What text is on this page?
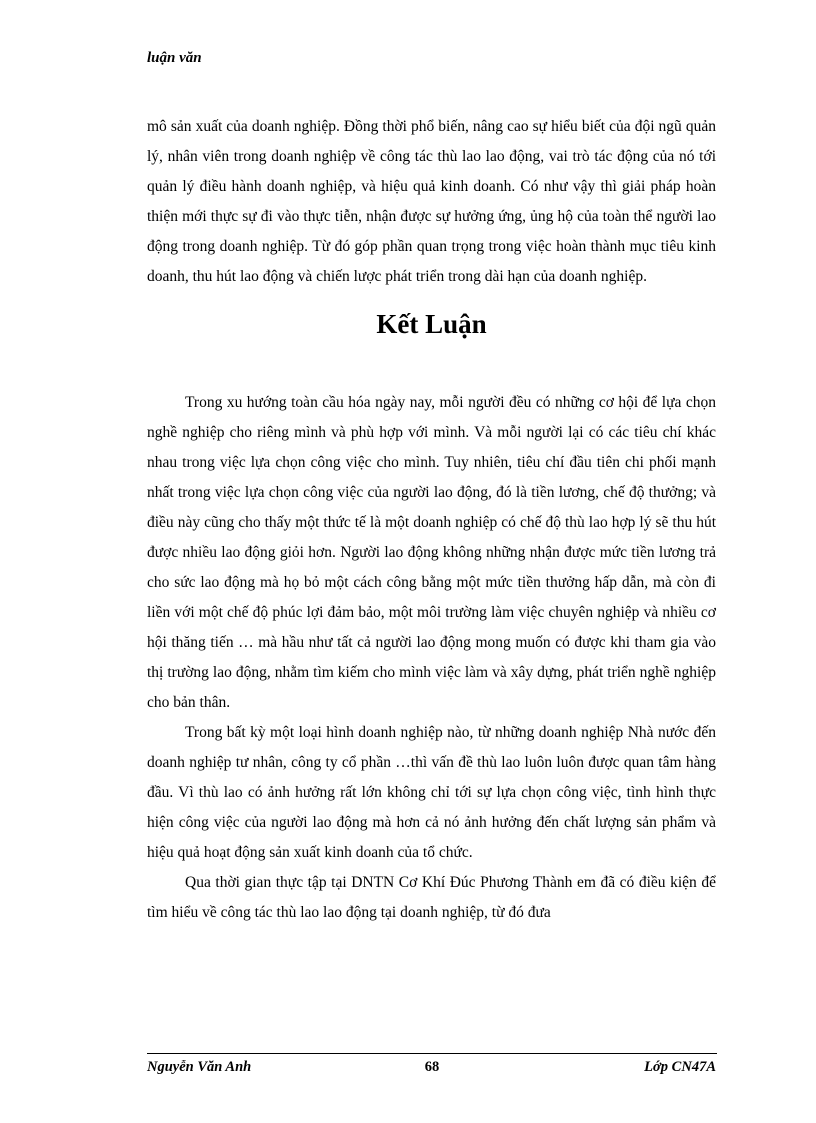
luận văn

mô sản xuất của doanh nghiệp. Đồng thời phổ biến, nâng cao sự hiểu biết của đội ngũ quản lý, nhân viên trong doanh nghiệp về công tác thù lao lao động, vai trò tác động của nó tới quản lý điều hành doanh nghiệp, và hiệu quả kinh doanh. Có như vậy thì giải pháp hoàn thiện mới thực sự đi vào thực tiễn, nhận được sự hưởng ứng, ủng hộ của toàn thể người lao động trong doanh nghiệp. Từ đó góp phần quan trọng trong việc hoàn thành mục tiêu kinh doanh, thu hút lao động và chiến lược phát triển trong dài hạn của doanh nghiệp.

Kết Luận

Trong xu hướng toàn cầu hóa ngày nay, mỗi người đều có những cơ hội để lựa chọn nghề nghiệp cho riêng mình và phù hợp với mình. Và mỗi người lại có các tiêu chí khác nhau trong việc lựa chọn công việc cho mình. Tuy nhiên, tiêu chí đầu tiên chi phối mạnh nhất trong việc lựa chọn công việc của người lao động, đó là tiền lương, chế độ thưởng; và điều này cũng cho thấy một thức tế là một doanh nghiệp có chế độ thù lao hợp lý sẽ thu hút được nhiều lao động giỏi hơn. Người lao động không những nhận được mức tiền lương trả cho sức lao động mà họ bỏ một cách công bằng một mức tiền thưởng hấp dẫn, mà còn đi liền với một chế độ phúc lợi đảm bảo, một môi trường làm việc chuyên nghiệp và nhiều cơ hội thăng tiến … mà hầu như tất cả người lao động mong muốn có được khi tham gia vào thị trường lao động, nhằm tìm kiếm cho mình việc làm và xây dựng, phát triển nghề nghiệp cho bản thân.

Trong bất kỳ một loại hình doanh nghiệp nào, từ những doanh nghiệp Nhà nước đến doanh nghiệp tư nhân, công ty cổ phần …thì vấn đề thù lao luôn luôn được quan tâm hàng đầu. Vì thù lao có ảnh hưởng rất lớn không chỉ tới sự lựa chọn công việc, tình hình thực hiện công việc của người lao động mà hơn cả nó ảnh hưởng đến chất lượng sản phẩm và hiệu quả hoạt động sản xuất kinh doanh của tổ chức.

Qua thời gian thực tập tại DNTN Cơ Khí Đúc Phương Thành em đã có điều kiện để tìm hiểu về công tác thù lao lao động tại doanh nghiệp, từ đó đưa

Nguyễn Văn Anh	68	Lớp CN47A
